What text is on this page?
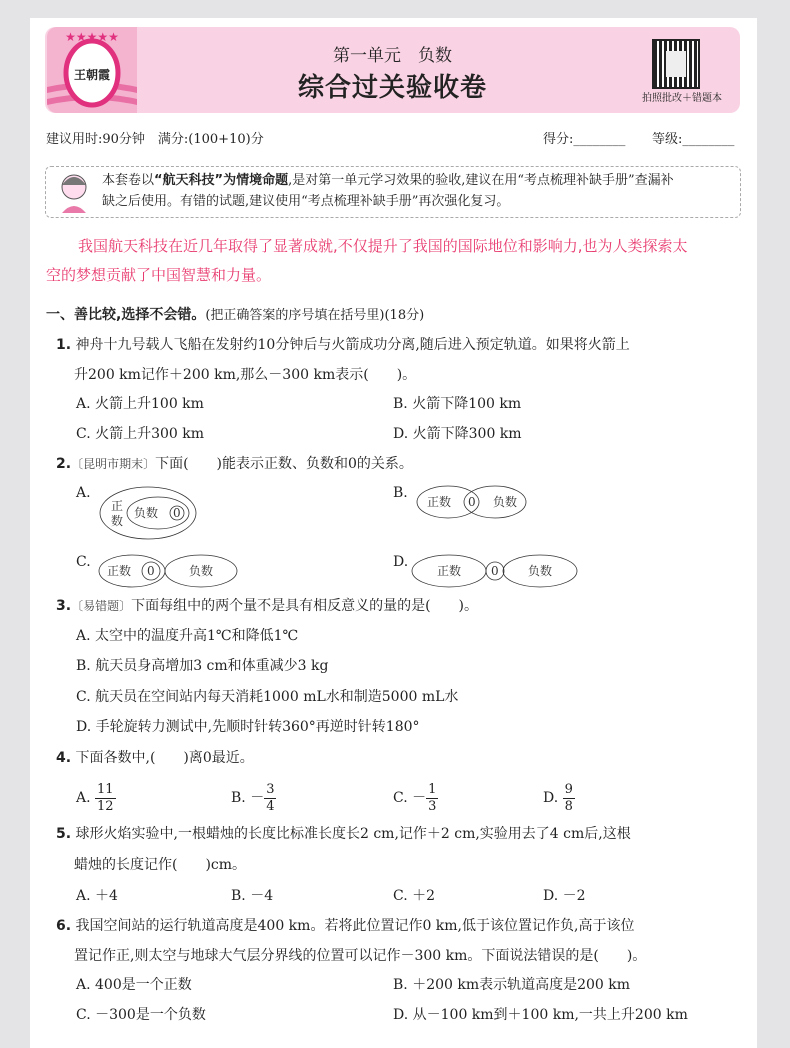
王朝霞
★★★★★
第一单元　负数
综合过关验收卷	拍照批改＋错题本
建议用时:90分钟　满分:(100+10)分	得分:________ 等级:________
本套卷以“航天科技”为情境命题,是对第一单元学习效果的验收,建议在用“考点梳理补缺手册”查漏补
缺之后使用。有错的试题,建议使用“考点梳理补缺手册”再次强化复习。
我国航天科技在近几年取得了显著成就,不仅提升了我国的国际地位和影响力,也为人类探索太
空的梦想贡献了中国智慧和力量。
一、善比较,选择不会错。(把正确答案的序号填在括号里)(18分)
1. 神舟十九号载人飞船在发射约10分钟后与火箭成功分离,随后进入预定轨道。如果将火箭上
升200 km记作＋200 km,那么－300 km表示(　　)。
A. 火箭上升100 km	B. 火箭下降100 km
C. 火箭上升300 km	D. 火箭下降300 km
2.〔昆明市期末〕下面(　　)能表示正数、负数和0的关系。
A.
正
数
负数 0
B.
正数 0 负数
C.
正数 0	负数
D.
正数 0 负数
3.〔易错题〕下面每组中的两个量不是具有相反意义的量的是(　　)。
A. 太空中的温度升高1℃和降低1℃
B. 航天员身高增加3 cm和体重减少3 kg
C. 航天员在空间站内每天消耗1000 mL水和制造5000 mL水
D. 手轮旋转力测试中,先顺时针转360°再逆时针转180°
4. 下面各数中,(　　)离0最近。
A. $\frac{11}{12}$	B. － $\frac{3}{4}$	C. － $\frac{1}{3}$	D. $\frac{9}{8}$
5. 球形火焰实验中,一根蜡烛的长度比标准长度长2 cm,记作＋2 cm,实验用去了4 cm后,这根
蜡烛的长度记作(　　)cm。
A. ＋4	B. －4	C. ＋2	D. －2
6. 我国空间站的运行轨道高度是400 km。若将此位置记作0 km,低于该位置记作负,高于该位
置记作正,则太空与地球大气层分界线的位置可以记作－300 km。下面说法错误的是(　　)。
A. 400是一个正数	B. ＋200 km表示轨道高度是200 km
C. －300是一个负数	D. 从－100 km到＋100 km,一共上升200 km
